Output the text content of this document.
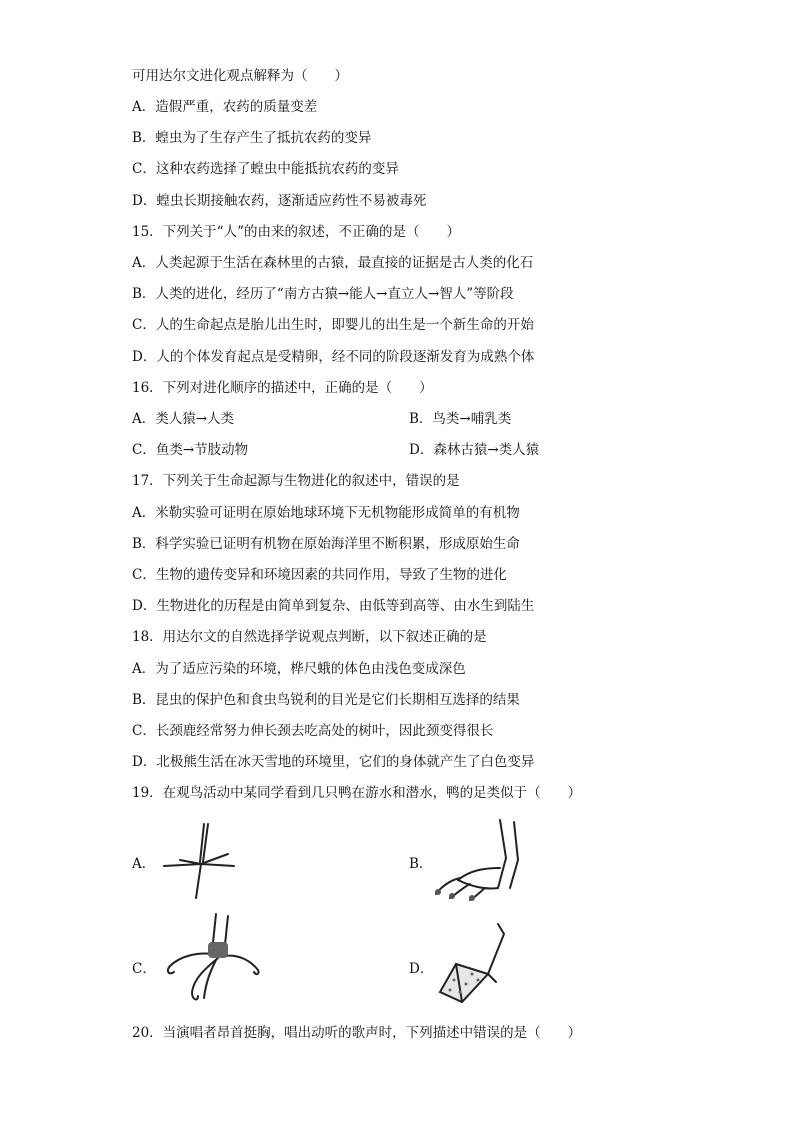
可用达尔文进化观点解释为（　　）
A．造假严重，农药的质量变差
B．蝗虫为了生存产生了抵抗农药的变异
C．这种农药选择了蝗虫中能抵抗农药的变异
D．蝗虫长期接触农药，逐渐适应药性不易被毒死
15．下列关于“人”的由来的叙述，不正确的是（　　）
A．人类起源于生活在森林里的古猿，最直接的证据是古人类的化石
B．人类的进化，经历了“南方古猿→能人→直立人→智人”等阶段
C．人的生命起点是胎儿出生时，即婴儿的出生是一个新生命的开始
D．人的个体发育起点是受精卵，经不同的阶段逐渐发育为成熟个体
16．下列对进化顺序的描述中，正确的是（　　）
A．类人猿→人类	B．鸟类→哺乳类
C．鱼类→节肢动物	D．森林古猿→类人猿
17．下列关于生命起源与生物进化的叙述中，错误的是
A．米勒实验可证明在原始地球环境下无机物能形成简单的有机物
B．科学实验已证明有机物在原始海洋里不断积累，形成原始生命
C．生物的遗传变异和环境因素的共同作用，导致了生物的进化
D．生物进化的历程是由简单到复杂、由低等到高等、由水生到陆生
18．用达尔文的自然选择学说观点判断，以下叙述正确的是
A．为了适应污染的环境，桦尺蛾的体色由浅色变成深色
B．昆虫的保护色和食虫鸟锐利的目光是它们长期相互选择的结果
C．长颈鹿经常努力伸长颈去吃高处的树叶，因此颈变得很长
D．北极熊生活在冰天雪地的环境里，它们的身体就产生了白色变异
19．在观鸟活动中某同学看到几只鸭在游水和潜水，鸭的足类似于（　　）
A．	B．
C．	D．
20．当演唱者昂首挺胸，唱出动听的歌声时，下列描述中错误的是（　　）
